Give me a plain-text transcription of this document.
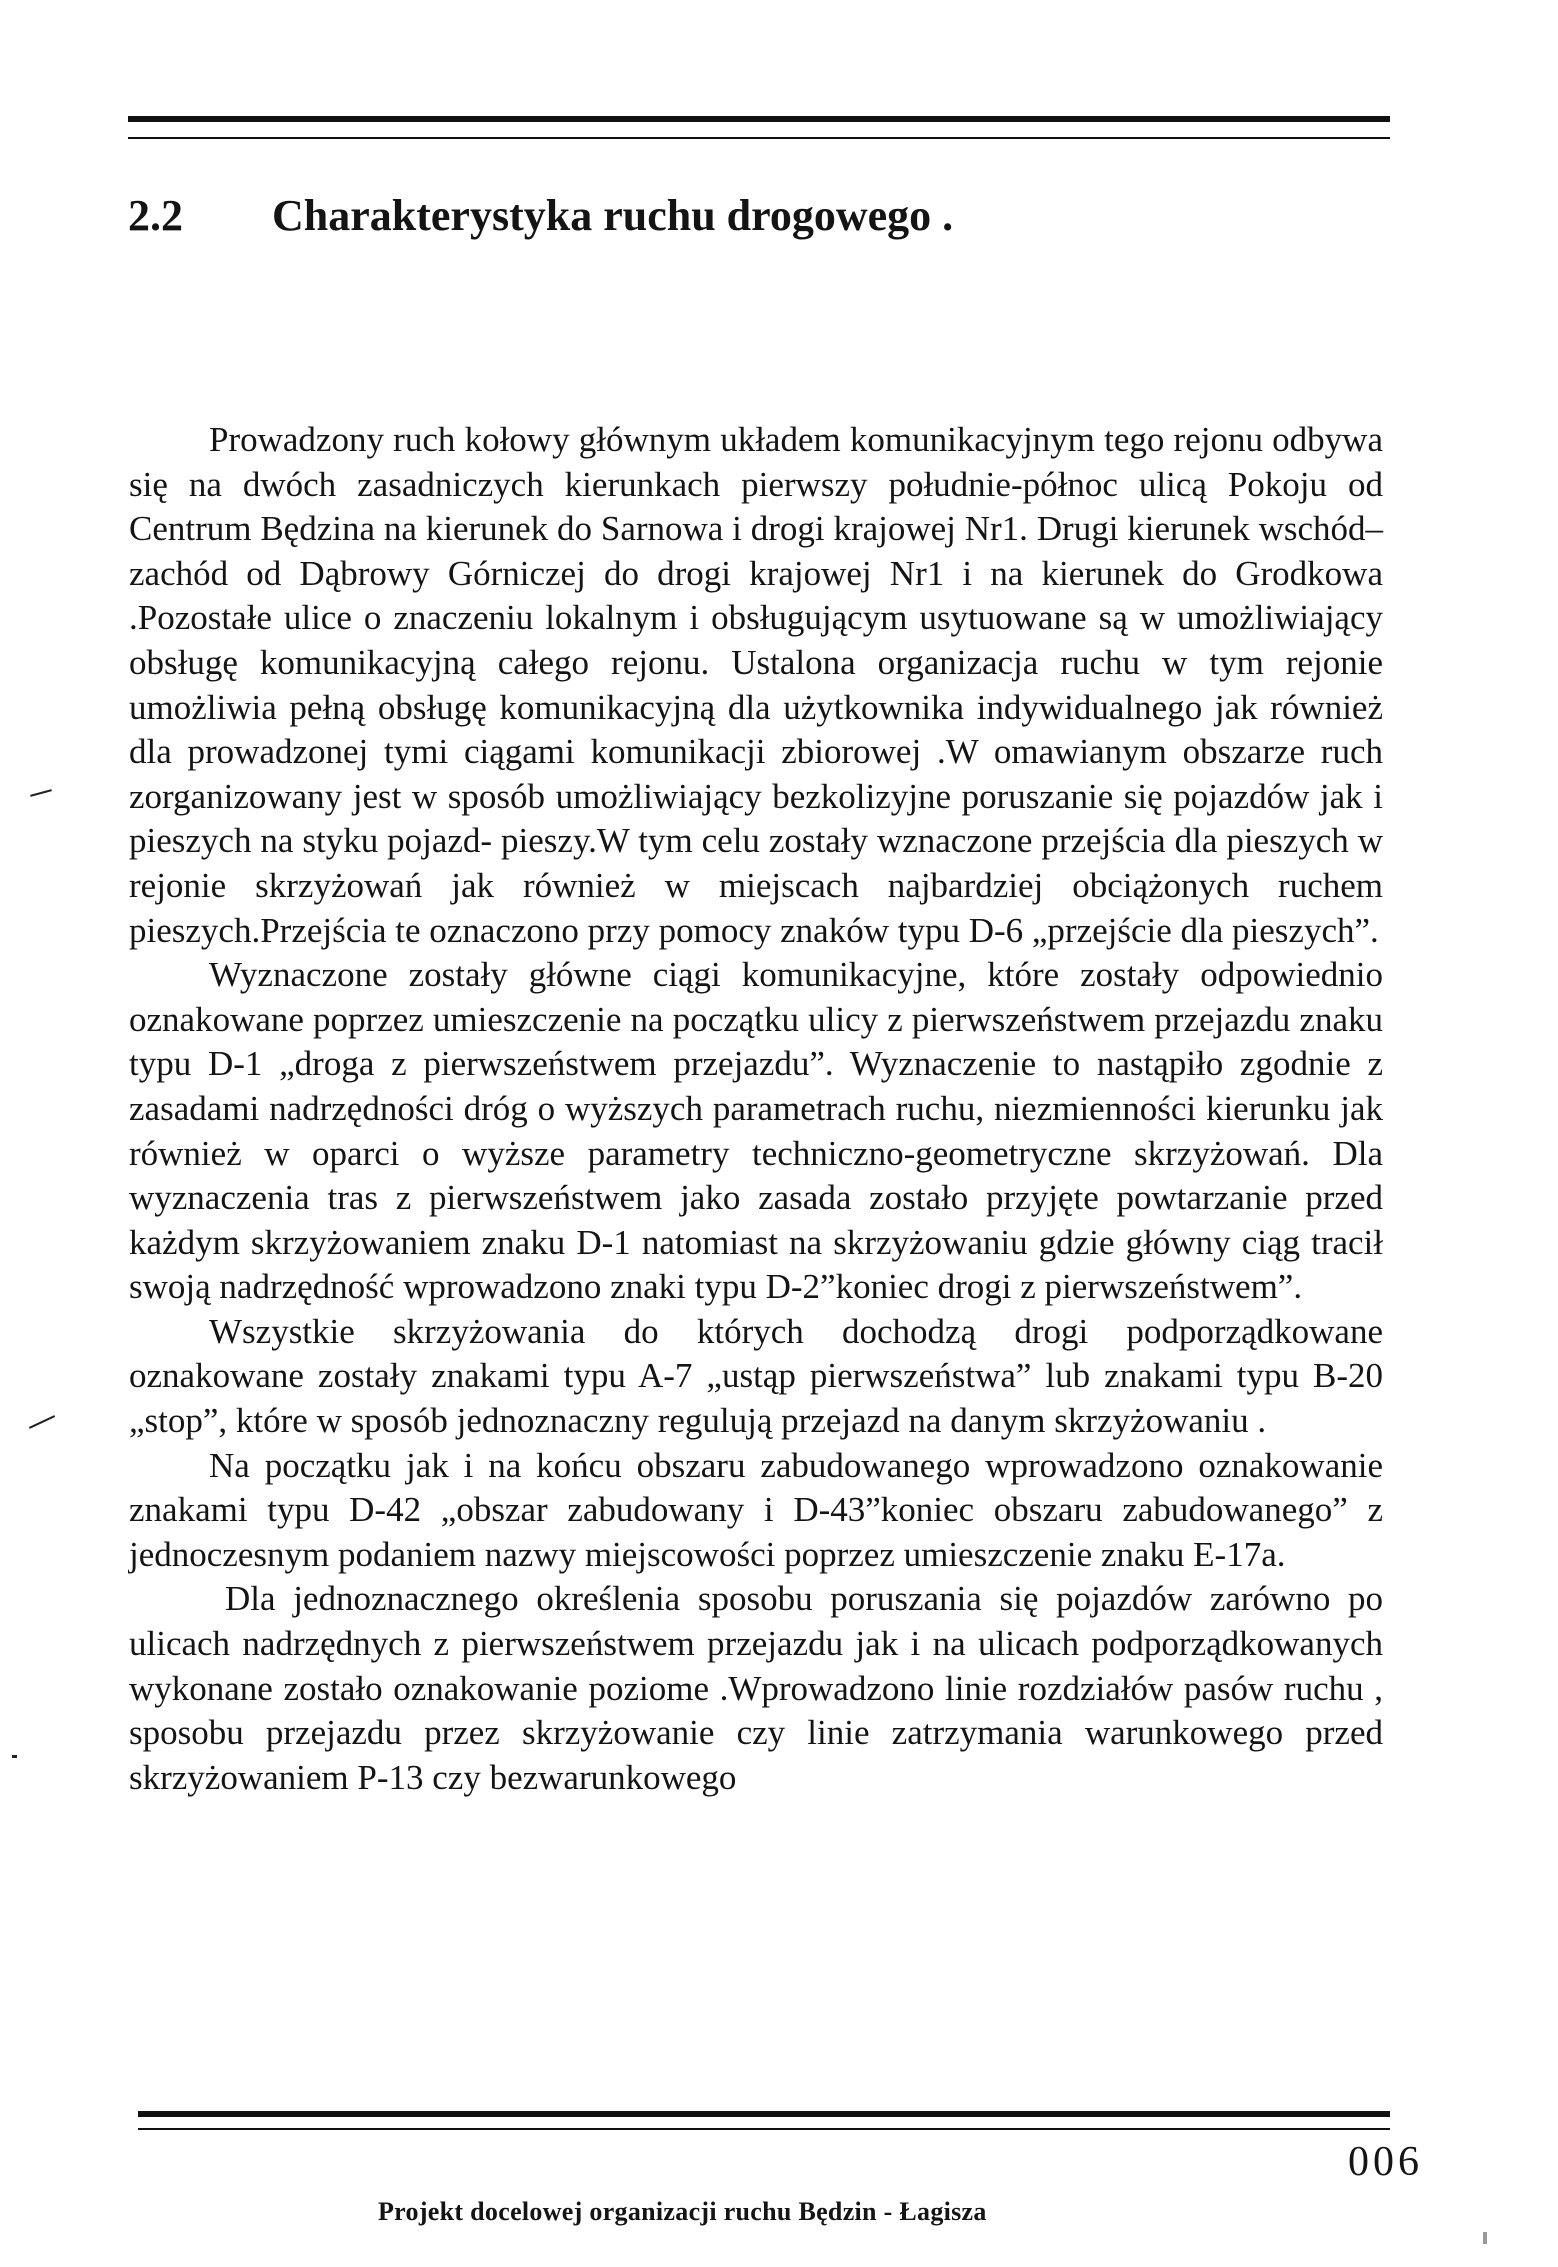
2.2 Charakterystyka ruchu drogowego .

Prowadzony ruch kołowy głównym układem komunikacyjnym tego rejonu odbywa się na dwóch zasadniczych kierunkach pierwszy południe-północ ulicą Pokoju od Centrum Będzina na kierunek do Sarnowa i drogi krajowej Nr1. Drugi kierunek wschód–zachód od Dąbrowy Górniczej do drogi krajowej Nr1 i na kierunek do Grodkowa .Pozostałe ulice o znaczeniu lokalnym i obsługującym usytuowane są w umożliwiający obsługę komunikacyjną całego rejonu. Ustalona organizacja ruchu w tym rejonie umożliwia pełną obsługę komunikacyjną dla użytkownika indywidualnego jak również dla prowadzonej tymi ciągami komunikacji zbiorowej .W omawianym obszarze ruch zorganizowany jest w sposób umożliwiający bezkolizyjne poruszanie się pojazdów jak i pieszych na styku pojazd- pieszy.W tym celu zostały wznaczone przejścia dla pieszych w rejonie skrzyżowań jak również w miejscach najbardziej obciążonych ruchem pieszych.Przejścia te oznaczono przy pomocy znaków typu D-6 „przejście dla pieszych”.

Wyznaczone zostały główne ciągi komunikacyjne, które zostały odpowiednio oznakowane poprzez umieszczenie na początku ulicy z pierwszeństwem przejazdu znaku typu D-1 „droga z pierwszeństwem przejazdu”. Wyznaczenie to nastąpiło zgodnie z zasadami nadrzędności dróg o wyższych parametrach ruchu, niezmienności kierunku jak również w oparci o wyższe parametry techniczno-geometryczne skrzyżowań. Dla wyznaczenia tras z pierwszeństwem jako zasada zostało przyjęte powtarzanie przed każdym skrzyżowaniem znaku D-1 natomiast na skrzyżowaniu gdzie główny ciąg tracił swoją nadrzędność wprowadzono znaki typu D-2”koniec drogi z pierwszeństwem”.

Wszystkie skrzyżowania do których dochodzą drogi podporządkowane oznakowane zostały znakami typu A-7 „ustąp pierwszeństwa” lub znakami typu B-20 „stop”, które w sposób jednoznaczny regulują przejazd na danym skrzyżowaniu .

Na początku jak i na końcu obszaru zabudowanego wprowadzono oznakowanie znakami typu D-42 „obszar zabudowany i D-43”koniec obszaru zabudowanego” z jednoczesnym podaniem nazwy miejscowości poprzez umieszczenie znaku E-17a.

Dla jednoznacznego określenia sposobu poruszania się pojazdów zarówno po ulicach nadrzędnych z pierwszeństwem przejazdu jak i na ulicach podporządkowanych wykonane zostało oznakowanie poziome .Wprowadzono linie rozdziałów pasów ruchu , sposobu przejazdu przez skrzyżowanie czy linie zatrzymania warunkowego przed skrzyżowaniem P-13 czy bezwarunkowego

006
Projekt docelowej organizacji ruchu Będzin - Łagisza
